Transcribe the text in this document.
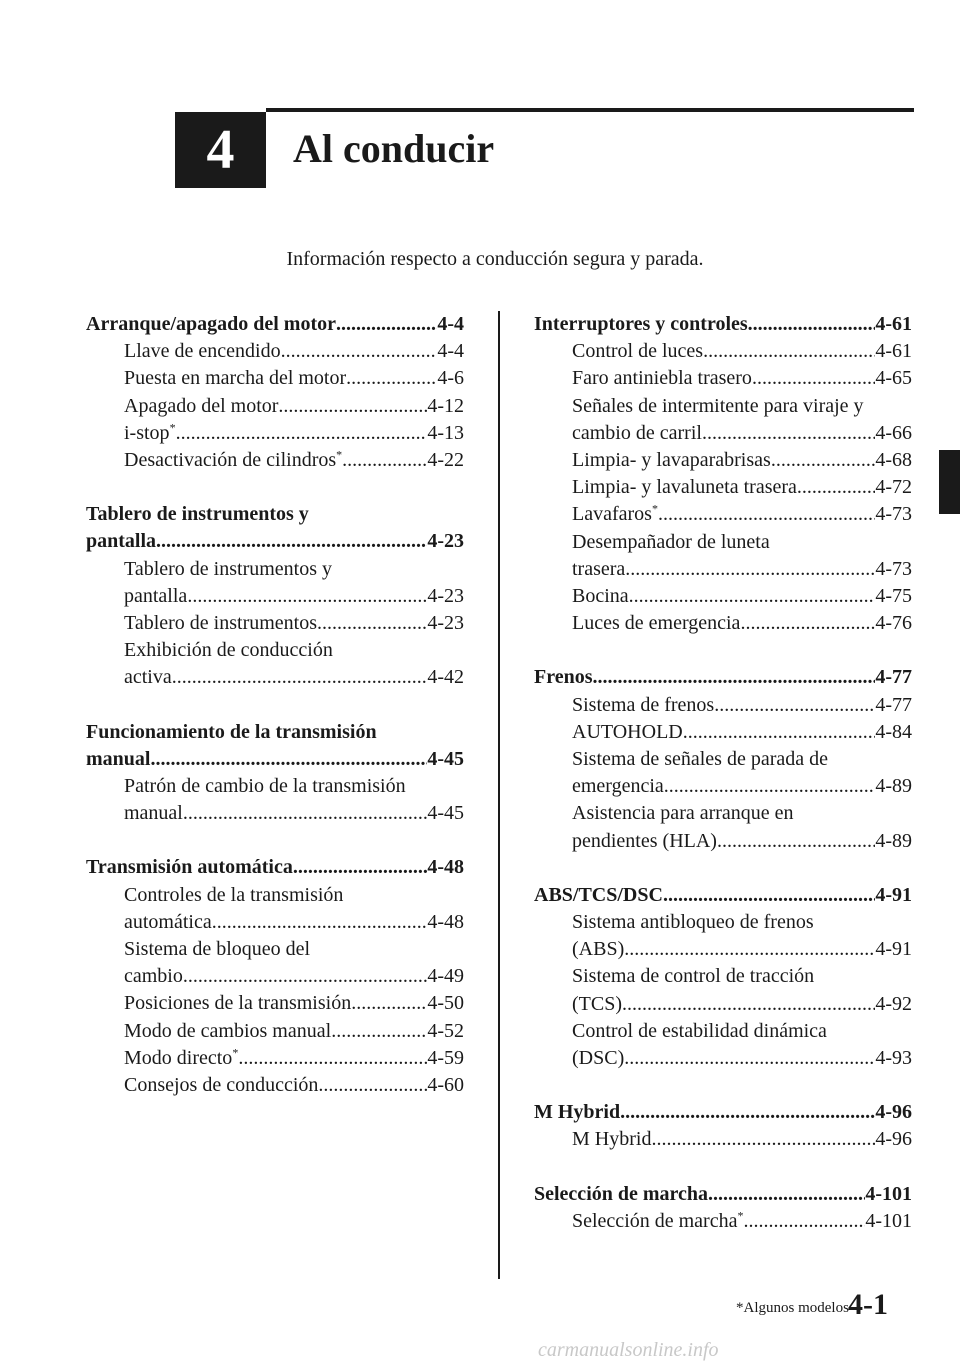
4 Al conducir
Información respecto a conducción segura y parada.
Arranque/apagado del motor .....	4-4
Llave de encendido .....	4-4
Puesta en marcha del motor .....	4-6
Apagado del motor .....	4-12
i-stop* .....	4-13
Desactivación de cilindros* .....	4-22
Tablero de instrumentos y
pantalla .....	4-23
Tablero de instrumentos y
pantalla .....	4-23
Tablero de instrumentos .....	4-23
Exhibición de conducción
activa .....	4-42
Funcionamiento de la transmisión
manual .....	4-45
Patrón de cambio de la transmisión
manual .....	4-45
Transmisión automática .....	4-48
Controles de la transmisión
automática .....	4-48
Sistema de bloqueo del
cambio .....	4-49
Posiciones de la transmisión .....	4-50
Modo de cambios manual .....	4-52
Modo directo* .....	4-59
Consejos de conducción .....	4-60
Interruptores y controles .....	4-61
Control de luces .....	4-61
Faro antiniebla trasero .....	4-65
Señales de intermitente para viraje y
cambio de carril .....	4-66
Limpia- y lavaparabrisas .....	4-68
Limpia- y lavaluneta trasera .....	4-72
Lavafaros* .....	4-73
Desempañador de luneta
trasera .....	4-73
Bocina .....	4-75
Luces de emergencia .....	4-76
Frenos .....	4-77
Sistema de frenos .....	4-77
AUTOHOLD .....	4-84
Sistema de señales de parada de
emergencia .....	4-89
Asistencia para arranque en
pendientes (HLA) .....	4-89
ABS/TCS/DSC .....	4-91
Sistema antibloqueo de frenos
(ABS) .....	4-91
Sistema de control de tracción
(TCS) .....	4-92
Control de estabilidad dinámica
(DSC) .....	4-93
M Hybrid .....	4-96
M Hybrid .....	4-96
Selección de marcha .....	4-101
Selección de marcha* .....	4-101
*Algunos modelos 4-1
carmanualsonline.info
